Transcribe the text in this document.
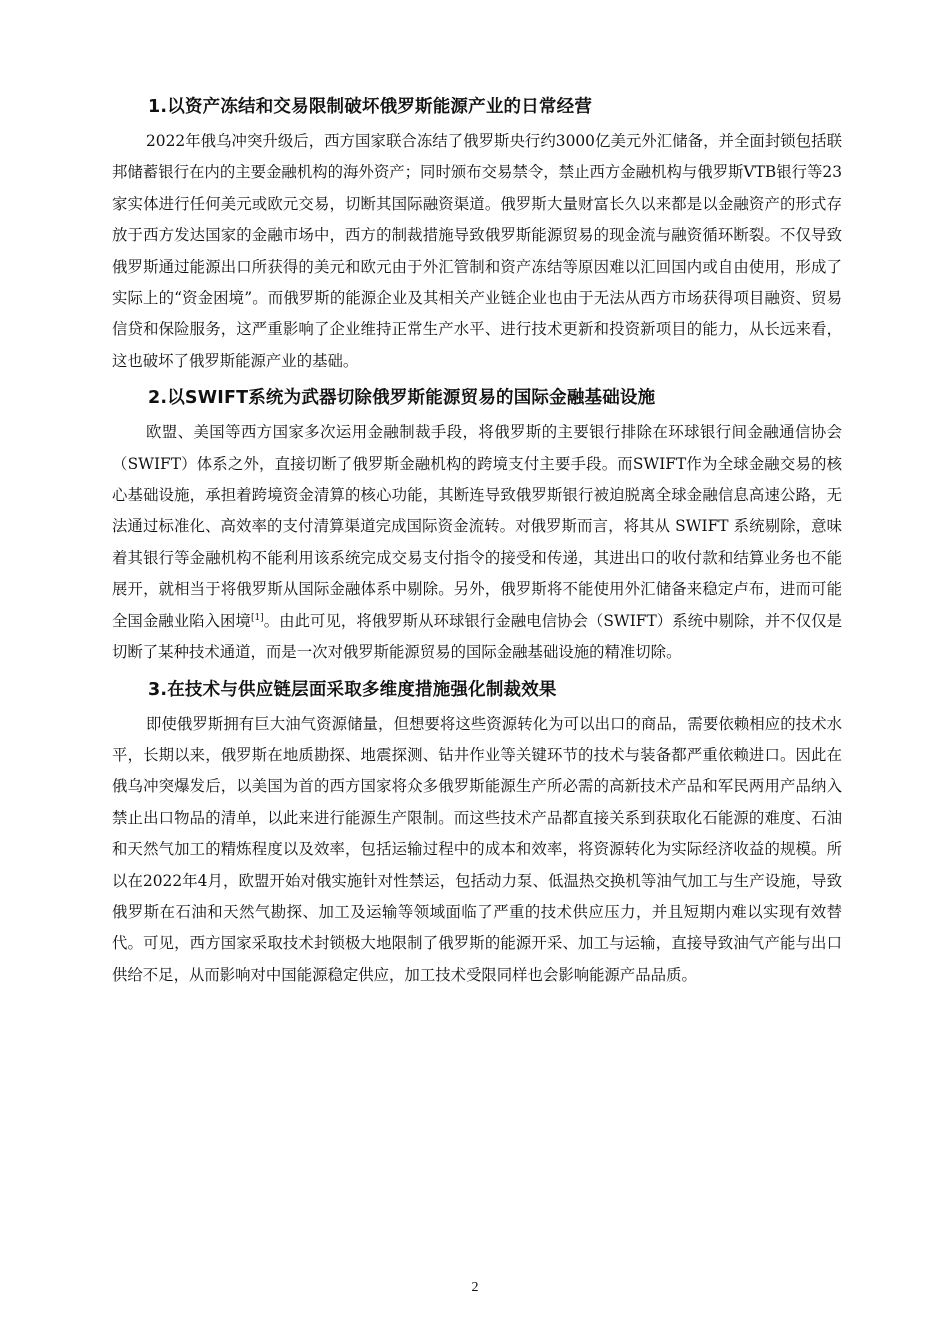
1.以资产冻结和交易限制破坏俄罗斯能源产业的日常经营

2022年俄乌冲突升级后，西方国家联合冻结了俄罗斯央行约3000亿美元外汇储备，并全面封锁包括联邦储蓄银行在内的主要金融机构的海外资产；同时颁布交易禁令，禁止西方金融机构与俄罗斯VTB银行等23家实体进行任何美元或欧元交易，切断其国际融资渠道。俄罗斯大量财富长久以来都是以金融资产的形式存放于西方发达国家的金融市场中，西方的制裁措施导致俄罗斯能源贸易的现金流与融资循环断裂。不仅导致俄罗斯通过能源出口所获得的美元和欧元由于外汇管制和资产冻结等原因难以汇回国内或自由使用，形成了实际上的“资金困境”。而俄罗斯的能源企业及其相关产业链企业也由于无法从西方市场获得项目融资、贸易信贷和保险服务，这严重影响了企业维持正常生产水平、进行技术更新和投资新项目的能力，从长远来看，这也破坏了俄罗斯能源产业的基础。

2.以SWIFT系统为武器切除俄罗斯能源贸易的国际金融基础设施

欧盟、美国等西方国家多次运用金融制裁手段，将俄罗斯的主要银行排除在环球银行间金融通信协会（SWIFT）体系之外，直接切断了俄罗斯金融机构的跨境支付主要手段。而SWIFT作为全球金融交易的核心基础设施，承担着跨境资金清算的核心功能，其断连导致俄罗斯银行被迫脱离全球金融信息高速公路，无法通过标准化、高效率的支付清算渠道完成国际资金流转。对俄罗斯而言，将其从 SWIFT 系统剔除，意味着其银行等金融机构不能利用该系统完成交易支付指令的接受和传递，其进出口的收付款和结算业务也不能展开，就相当于将俄罗斯从国际金融体系中剔除。另外，俄罗斯将不能使用外汇储备来稳定卢布，进而可能全国金融业陷入困境[1]。由此可见，将俄罗斯从环球银行金融电信协会（SWIFT）系统中剔除，并不仅仅是切断了某种技术通道，而是一次对俄罗斯能源贸易的国际金融基础设施的精准切除。

3.在技术与供应链层面采取多维度措施强化制裁效果

即使俄罗斯拥有巨大油气资源储量，但想要将这些资源转化为可以出口的商品，需要依赖相应的技术水平，长期以来，俄罗斯在地质勘探、地震探测、钻井作业等关键环节的技术与装备都严重依赖进口。因此在俄乌冲突爆发后，以美国为首的西方国家将众多俄罗斯能源生产所必需的高新技术产品和军民两用产品纳入禁止出口物品的清单，以此来进行能源生产限制。而这些技术产品都直接关系到获取化石能源的难度、石油和天然气加工的精炼程度以及效率，包括运输过程中的成本和效率，将资源转化为实际经济收益的规模。所以在2022年4月，欧盟开始对俄实施针对性禁运，包括动力泵、低温热交换机等油气加工与生产设施，导致俄罗斯在石油和天然气勘探、加工及运输等领域面临了严重的技术供应压力，并且短期内难以实现有效替代。可见，西方国家采取技术封锁极大地限制了俄罗斯的能源开采、加工与运输，直接导致油气产能与出口供给不足，从而影响对中国能源稳定供应，加工技术受限同样也会影响能源产品品质。

2
